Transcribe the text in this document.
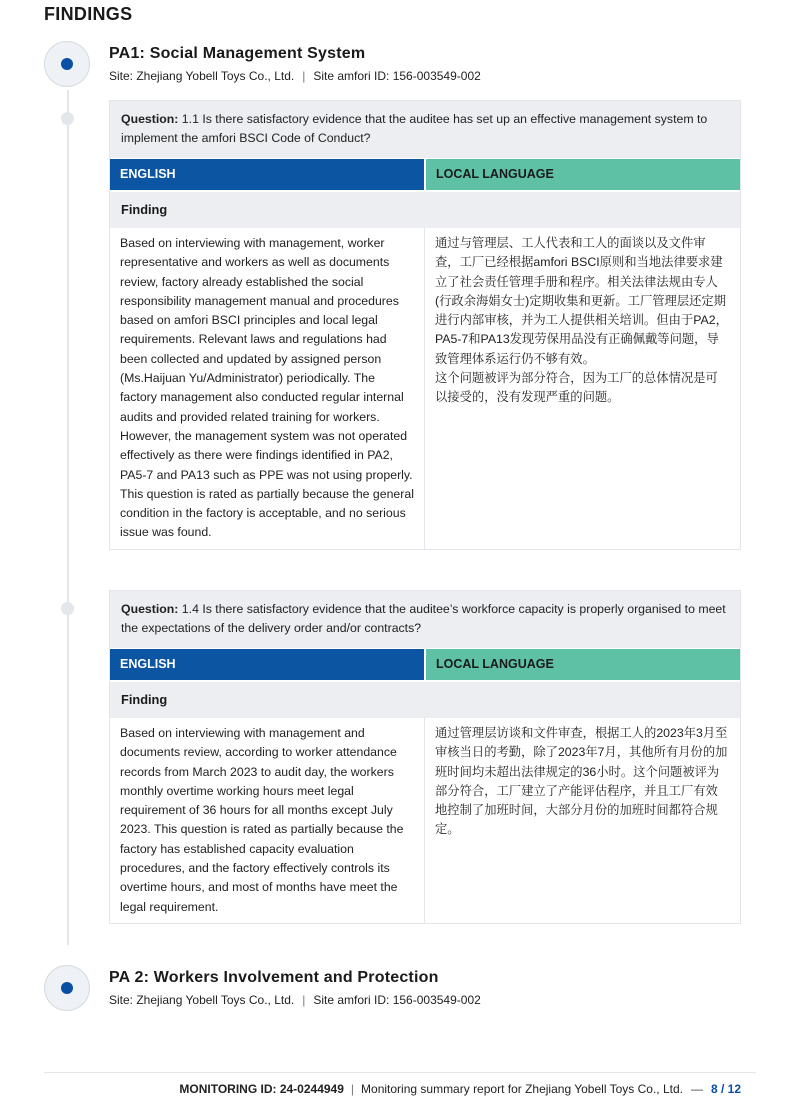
FINDINGS
PA1: Social Management System
Site: Zhejiang Yobell Toys Co., Ltd. | Site amfori ID: 156-003549-002
Question: 1.1 Is there satisfactory evidence that the auditee has set up an effective management system to implement the amfori BSCI Code of Conduct?
ENGLISH	LOCAL LANGUAGE
Finding
Based on interviewing with management, worker representative and workers as well as documents review, factory already established the social responsibility management manual and procedures based on amfori BSCI principles and local legal requirements. Relevant laws and regulations had been collected and updated by assigned person (Ms.Haijuan Yu/Administrator) periodically. The factory management also conducted regular internal audits and provided related training for workers. However, the management system was not operated effectively as there were findings identified in PA2, PA5-7 and PA13 such as PPE was not using properly.
This question is rated as partially because the general condition in the factory is acceptable, and no serious issue was found.
通过与管理层、工人代表和工人的面谈以及文件审查，工厂已经根据amfori BSCI原则和当地法律要求建立了社会责任管理手册和程序。相关法律法规由专人(行政余海娟女士)定期收集和更新。工厂管理层还定期进行内部审核，并为工人提供相关培训。但由于PA2，PA5-7和PA13发现劳保用品没有正确佩戴等问题，导致管理体系运行仍不够有效。
这个问题被评为部分符合，因为工厂的总体情况是可以接受的，没有发现严重的问题。
Question: 1.4 Is there satisfactory evidence that the auditee’s workforce capacity is properly organised to meet the expectations of the delivery order and/or contracts?
ENGLISH	LOCAL LANGUAGE
Finding
Based on interviewing with management and documents review, according to worker attendance records from March 2023 to audit day, the workers monthly overtime working hours meet legal requirement of 36 hours for all months except July 2023. This question is rated as partially because the factory has established capacity evaluation procedures, and the factory effectively controls its overtime hours, and most of months have meet the legal requirement.
通过管理层访谈和文件审查，根据工人的2023年3月至审核当日的考勤，除了2023年7月，其他所有月份的加班时间均未超出法律规定的36小时。这个问题被评为部分符合，工厂建立了产能评估程序，并且工厂有效地控制了加班时间，大部分月份的加班时间都符合规定。
PA 2: Workers Involvement and Protection
Site: Zhejiang Yobell Toys Co., Ltd. | Site amfori ID: 156-003549-002
MONITORING ID: 24-0244949 | Monitoring summary report for Zhejiang Yobell Toys Co., Ltd. — 8 / 12
